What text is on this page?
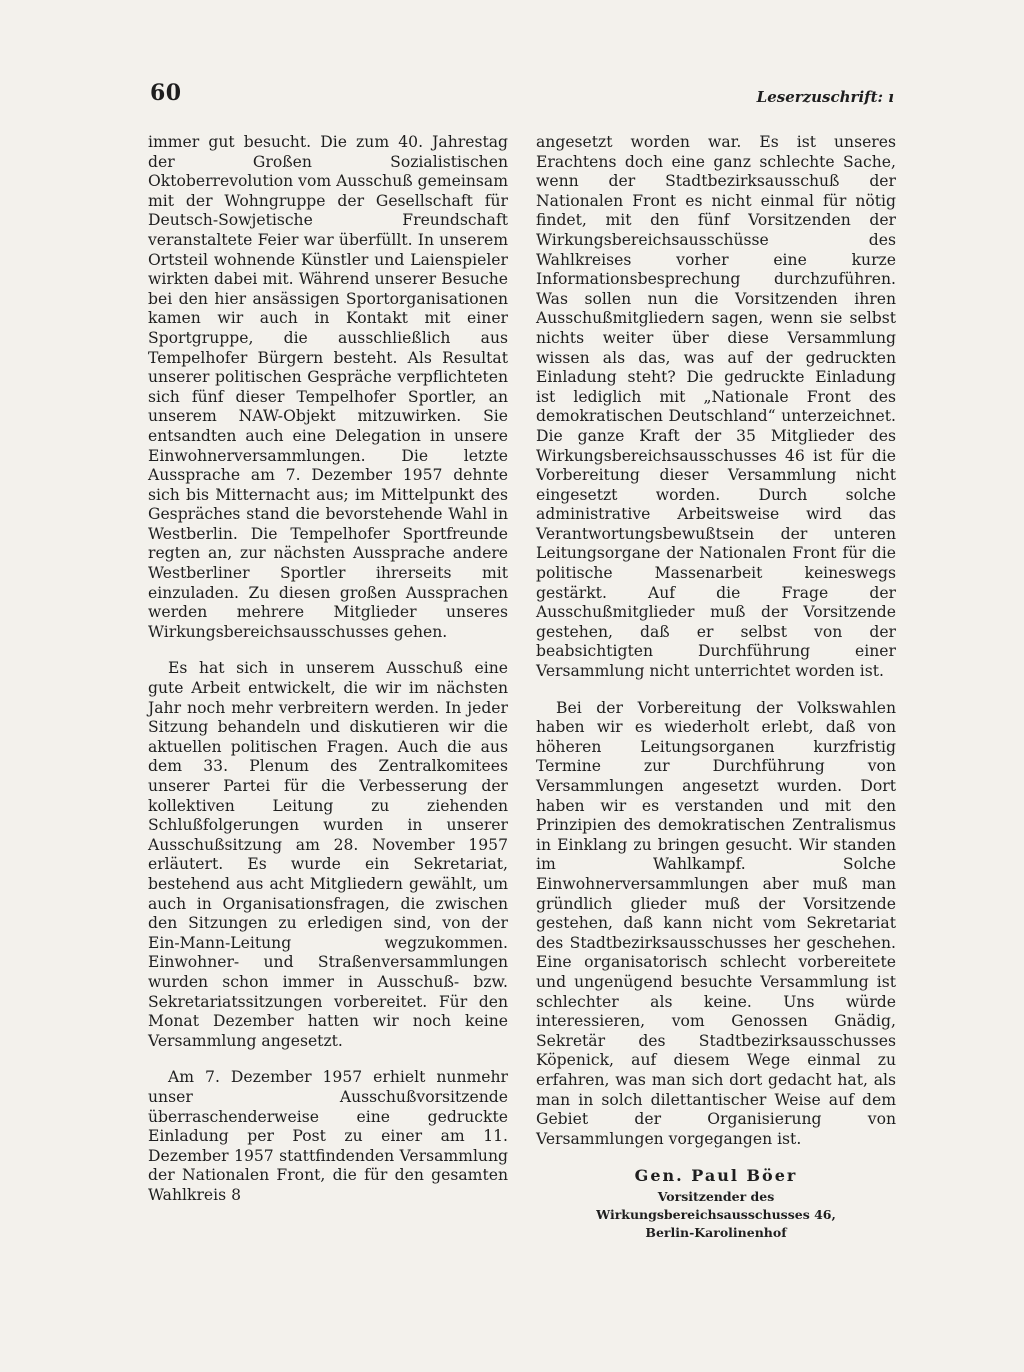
60	Leserzuschrift: ı

immer gut besucht. Die zum 40. Jahrestag der Großen Sozialistischen Oktoberrevolution vom Ausschuß gemeinsam mit der Wohngruppe der Gesellschaft für Deutsch-Sowjetische Freundschaft veranstaltete Feier war überfüllt. In unserem Ortsteil wohnende Künstler und Laienspieler wirkten dabei mit. Während unserer Besuche bei den hier ansässigen Sportorganisationen kamen wir auch in Kontakt mit einer Sportgruppe, die ausschließlich aus Tempelhofer Bürgern besteht. Als Resultat unserer politischen Gespräche verpflichteten sich fünf dieser Tempelhofer Sportler, an unserem NAW-Objekt mitzuwirken. Sie entsandten auch eine Delegation in unsere Einwohnerversammlungen. Die letzte Aussprache am 7. Dezember 1957 dehnte sich bis Mitternacht aus; im Mittelpunkt des Gespräches stand die bevorstehende Wahl in Westberlin. Die Tempelhofer Sportfreunde regten an, zur nächsten Aussprache andere Westberliner Sportler ihrerseits mit einzuladen. Zu diesen großen Aussprachen werden mehrere Mitglieder unseres Wirkungsbereichsausschusses gehen.

Es hat sich in unserem Ausschuß eine gute Arbeit entwickelt, die wir im nächsten Jahr noch mehr verbreitern werden. In jeder Sitzung behandeln und diskutieren wir die aktuellen politischen Fragen. Auch die aus dem 33. Plenum des Zentralkomitees unserer Partei für die Verbesserung der kollektiven Leitung zu ziehenden Schlußfolgerungen wurden in unserer Ausschußsitzung am 28. November 1957 erläutert. Es wurde ein Sekretariat, bestehend aus acht Mitgliedern gewählt, um auch in Organisationsfragen, die zwischen den Sitzungen zu erledigen sind, von der Ein-Mann-Leitung wegzukommen. Einwohner- und Straßenversammlungen wurden schon immer in Ausschuß- bzw. Sekretariatssitzungen vorbereitet. Für den Monat Dezember hatten wir noch keine Versammlung angesetzt.

Am 7. Dezember 1957 erhielt nunmehr unser Ausschußvorsitzende überraschenderweise eine gedruckte Einladung per Post zu einer am 11. Dezember 1957 stattfindenden Versammlung der Nationalen Front, die für den gesamten Wahlkreis 8

angesetzt worden war. Es ist unseres Erachtens doch eine ganz schlechte Sache, wenn der Stadtbezirksausschuß der Nationalen Front es nicht einmal für nötig findet, mit den fünf Vorsitzenden der Wirkungsbereichsausschüsse des Wahlkreises vorher eine kurze Informationsbesprechung durchzuführen. Was sollen nun die Vorsitzenden ihren Ausschußmitgliedern sagen, wenn sie selbst nichts weiter über diese Versammlung wissen als das, was auf der gedruckten Einladung steht? Die gedruckte Einladung ist lediglich mit „Nationale Front des demokratischen Deutschland“ unterzeichnet. Die ganze Kraft der 35 Mitglieder des Wirkungsbereichsausschusses 46 ist für die Vorbereitung dieser Versammlung nicht eingesetzt worden. Durch solche administrative Arbeitsweise wird das Verantwortungsbewußtsein der unteren Leitungsorgane der Nationalen Front für die politische Massenarbeit keineswegs gestärkt. Auf die Frage der Ausschußmitglieder muß der Vorsitzende gestehen, daß er selbst von der beabsichtigten Durchführung einer Versammlung nicht unterrichtet worden ist.

Bei der Vorbereitung der Volkswahlen haben wir es wiederholt erlebt, daß von höheren Leitungsorganen kurzfristig Termine zur Durchführung von Versammlungen angesetzt wurden. Dort haben wir es verstanden und mit den Prinzipien des demokratischen Zentralismus in Einklang zu bringen gesucht. Wir standen im Wahlkampf. Solche Einwohnerversammlungen aber muß man gründlich glieder muß der Vorsitzende gestehen, daß kann nicht vom Sekretariat des Stadtbezirksausschusses her geschehen. Eine organisatorisch schlecht vorbereitete und ungenügend besuchte Versammlung ist schlechter als keine. Uns würde interessieren, vom Genossen Gnädig, Sekretär des Stadtbezirksausschusses Köpenick, auf diesem Wege einmal zu erfahren, was man sich dort gedacht hat, als man in solch dilettantischer Weise auf dem Gebiet der Organisierung von Versammlungen vorgegangen ist.

Gen. Paul Böer
Vorsitzender des
Wirkungsbereichsausschusses 46,
Berlin-Karolinenhof
